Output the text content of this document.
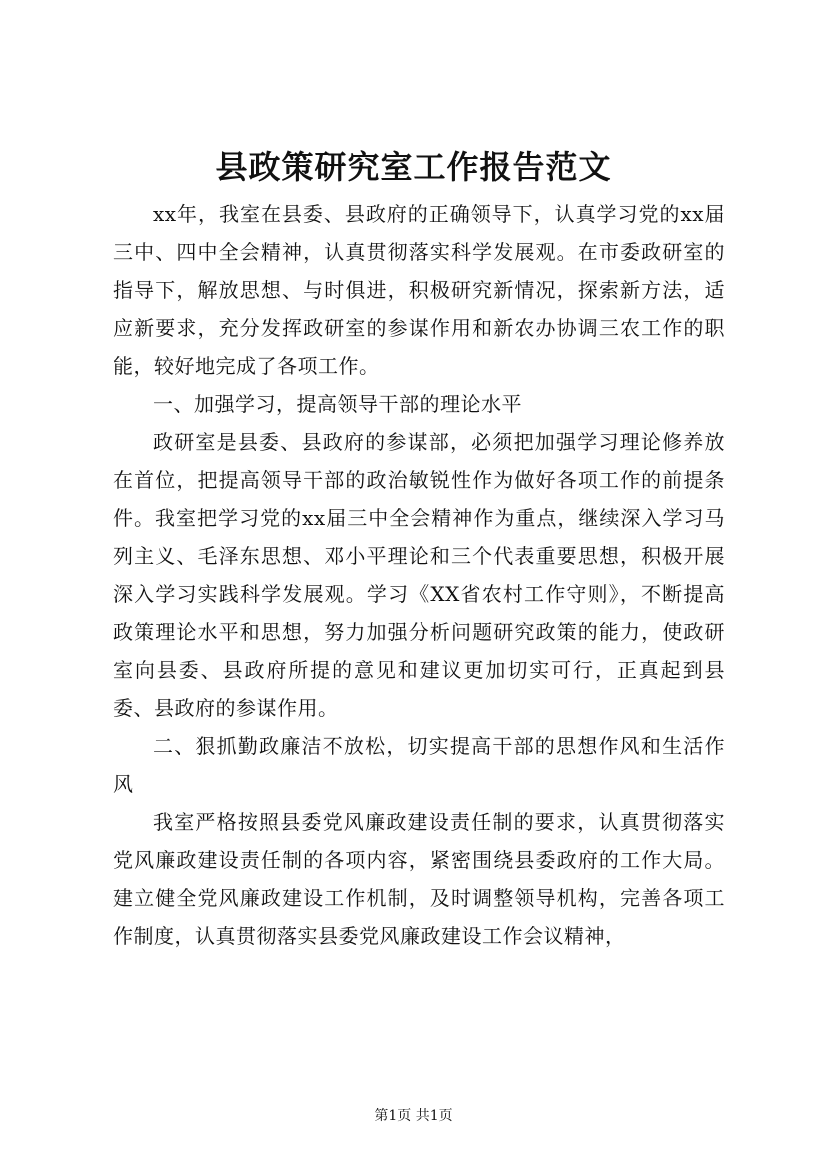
县政策研究室工作报告范文

xx年，我室在县委、县政府的正确领导下，认真学习党的xx届三中、四中全会精神，认真贯彻落实科学发展观。在市委政研室的指导下，解放思想、与时俱进，积极研究新情况，探索新方法，适应新要求，充分发挥政研室的参谋作用和新农办协调三农工作的职能，较好地完成了各项工作。

一、加强学习，提高领导干部的理论水平

政研室是县委、县政府的参谋部，必须把加强学习理论修养放在首位，把提高领导干部的政治敏锐性作为做好各项工作的前提条件。我室把学习党的xx届三中全会精神作为重点，继续深入学习马列主义、毛泽东思想、邓小平理论和三个代表重要思想，积极开展深入学习实践科学发展观。学习《XX省农村工作守则》，不断提高政策理论水平和思想，努力加强分析问题研究政策的能力，使政研室向县委、县政府所提的意见和建议更加切实可行，正真起到县委、县政府的参谋作用。

二、狠抓勤政廉洁不放松，切实提高干部的思想作风和生活作风

我室严格按照县委党风廉政建设责任制的要求，认真贯彻落实党风廉政建设责任制的各项内容，紧密围绕县委政府的工作大局。建立健全党风廉政建设工作机制，及时调整领导机构，完善各项工作制度，认真贯彻落实县委党风廉政建设工作会议精神，

第1页 共1页
